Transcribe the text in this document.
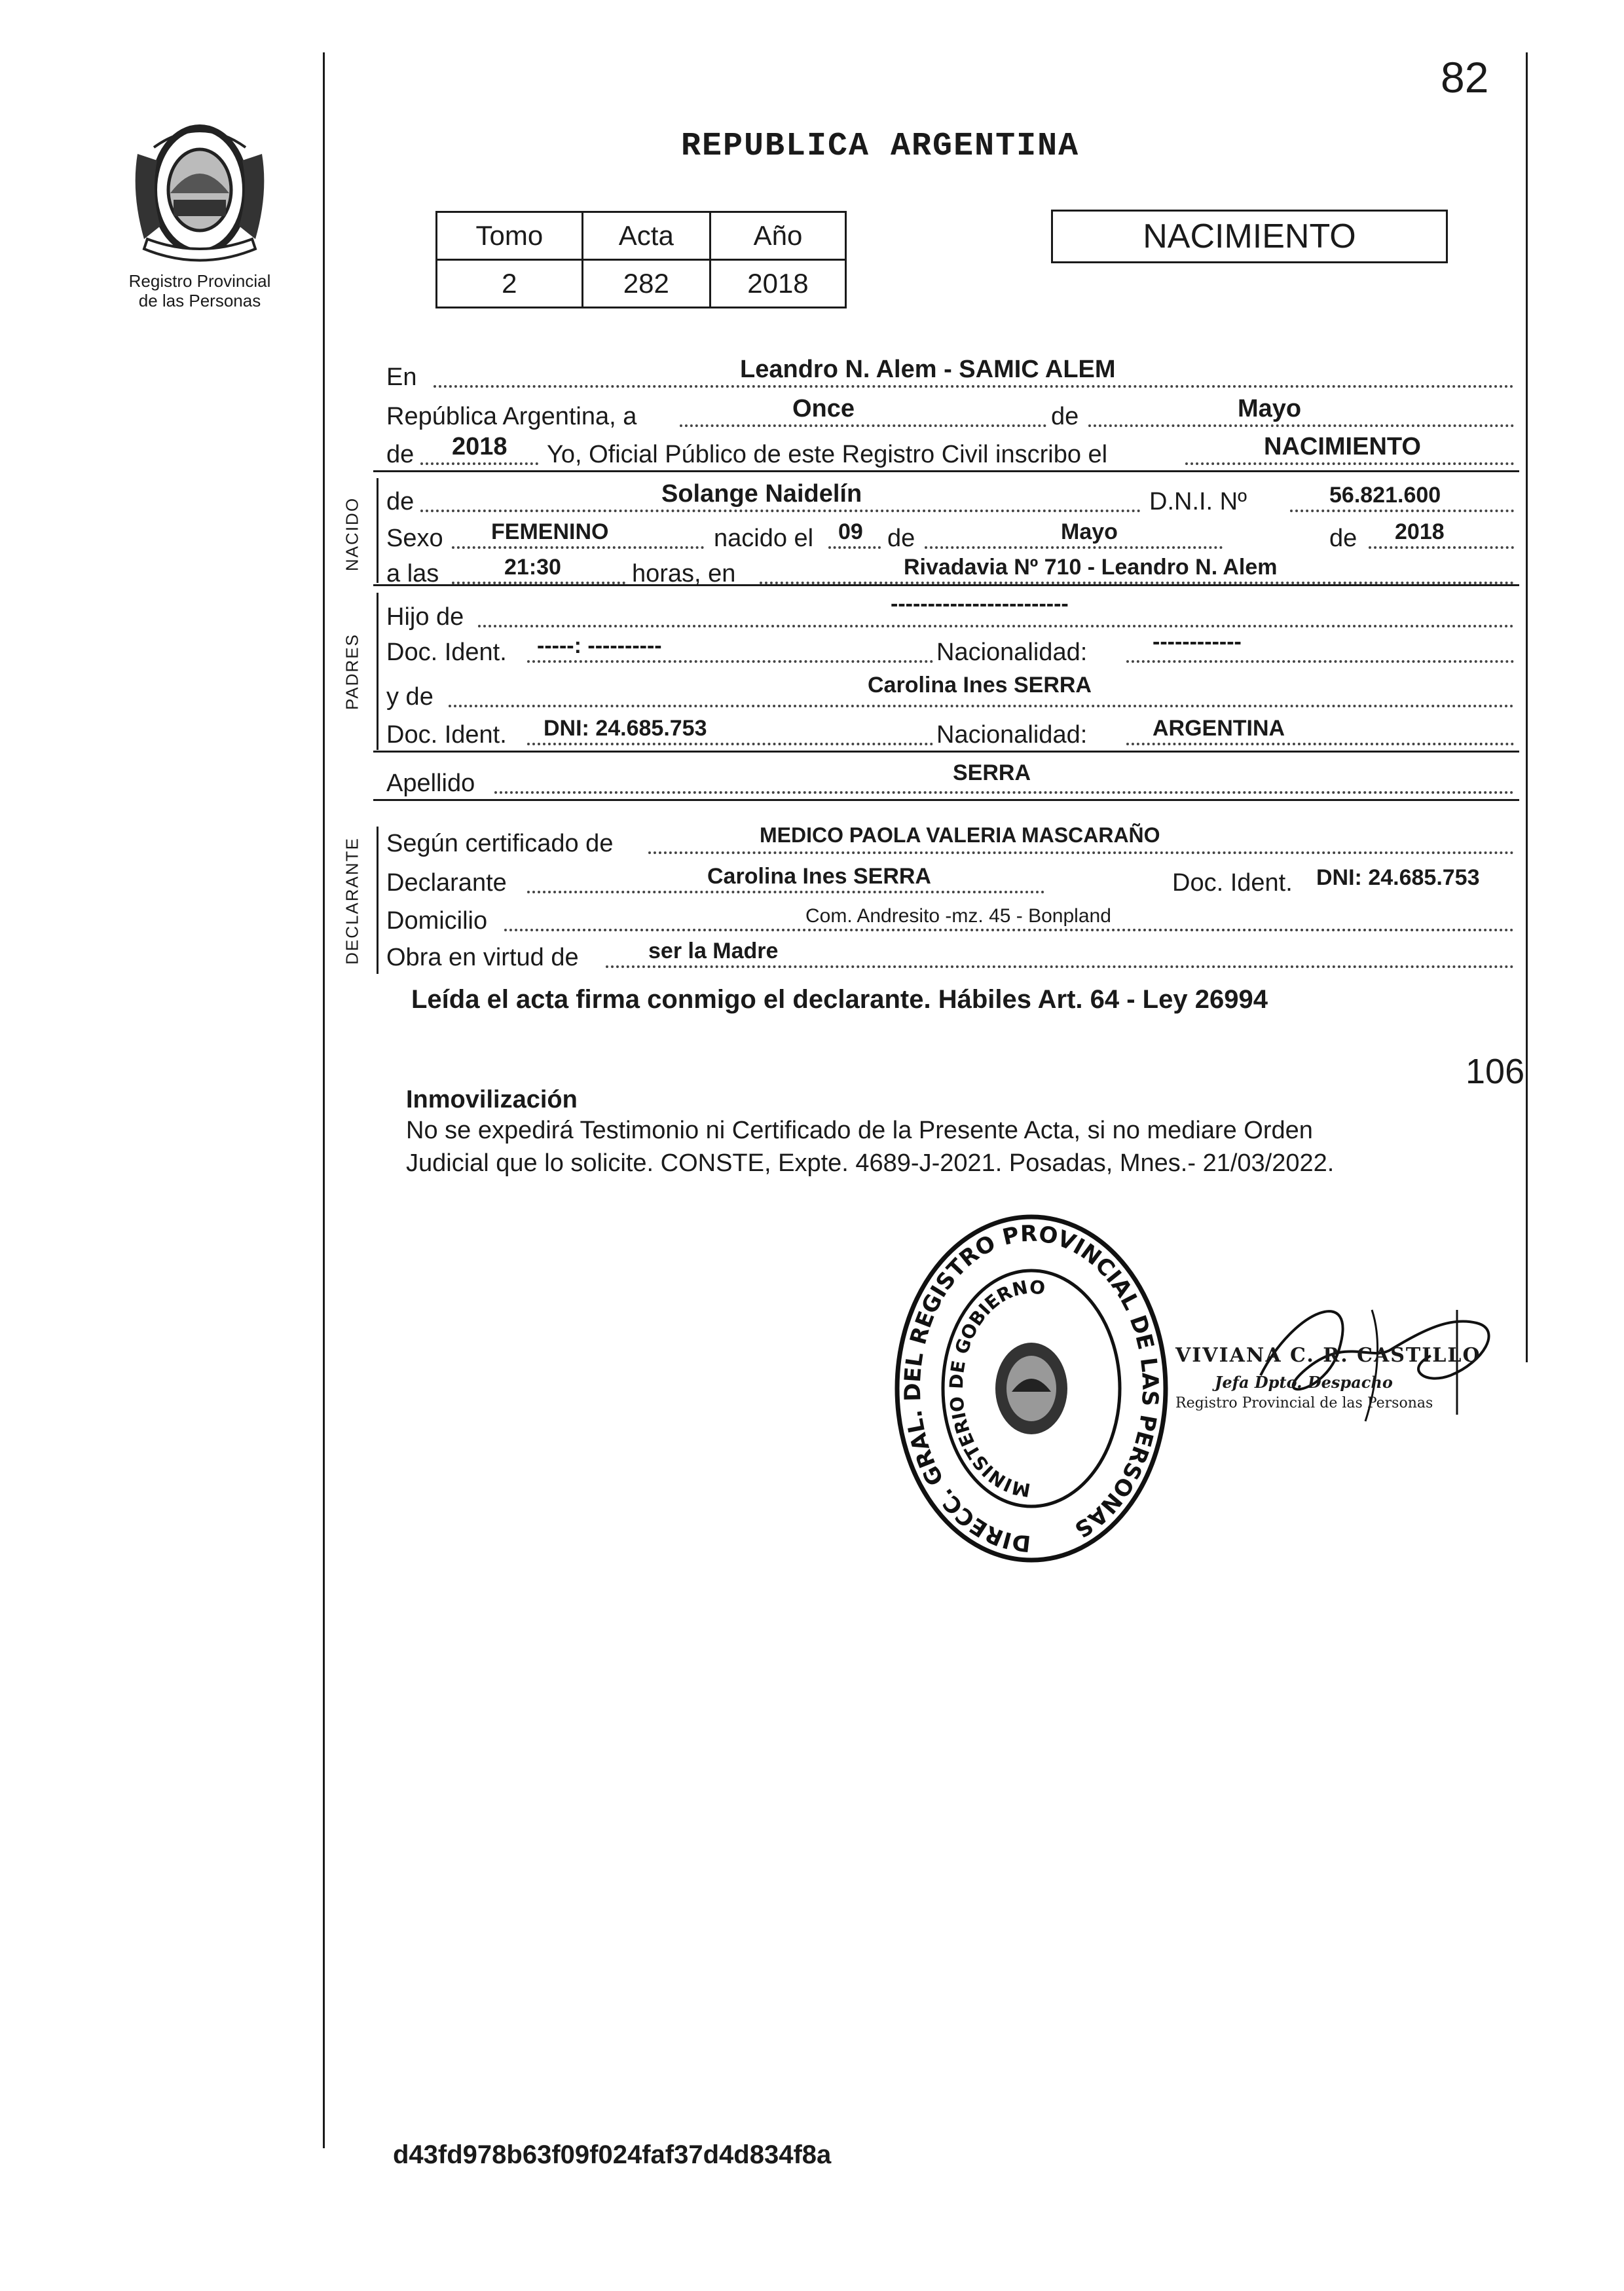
82
Registro Provincial
de las Personas
REPUBLICA ARGENTINA
Tomo	Acta	Año
2	282	2018
NACIMIENTO
NACIDO
PADRES
DECLARANTE
En	Leandro N. Alem - SAMIC ALEM
República Argentina, a	Once	de	Mayo
de 2018 Yo, Oficial Público de este Registro Civil inscribo el	NACIMIENTO
de	Solange Naidelín	D.N.I. Nº	56.821.600
Sexo FEMENINO	nacido el 09 de	Mayo	de 2018
a las	21:30	horas, en	Rivadavia Nº 710 - Leandro N. Alem
Hijo de	------------------------
Doc. Ident. -----: ----------	Nacionalidad:	------------
y de	Carolina Ines SERRA
Doc. Ident. DNI: 24.685.753	Nacionalidad:	ARGENTINA
Apellido	SERRA
Según certificado de	MEDICO PAOLA VALERIA MASCARAÑO
Declarante	Carolina Ines SERRA	Doc. Ident. DNI: 24.685.753
Domicilio	Com. Andresito -mz. 45 - Bonpland
Obra en virtud de	ser la Madre
Leída el acta firma conmigo el declarante. Hábiles Art. 64 - Ley 26994
106
Inmovilización
No se expedirá Testimonio ni Certificado de la Presente Acta, si no mediare Orden
Judicial que lo solicite. CONSTE, Expte. 4689-J-2021. Posadas, Mnes.- 21/03/2022.
DIRECC. GRAL. DEL REGISTRO PROVINCIAL DE LAS PERSONAS
MINISTERIO DE GOBIERNO
VIVIANA C. R. CASTILLO
Jefa Dpto. Despacho
Registro Provincial de las Personas
d43fd978b63f09f024faf37d4d834f8a
